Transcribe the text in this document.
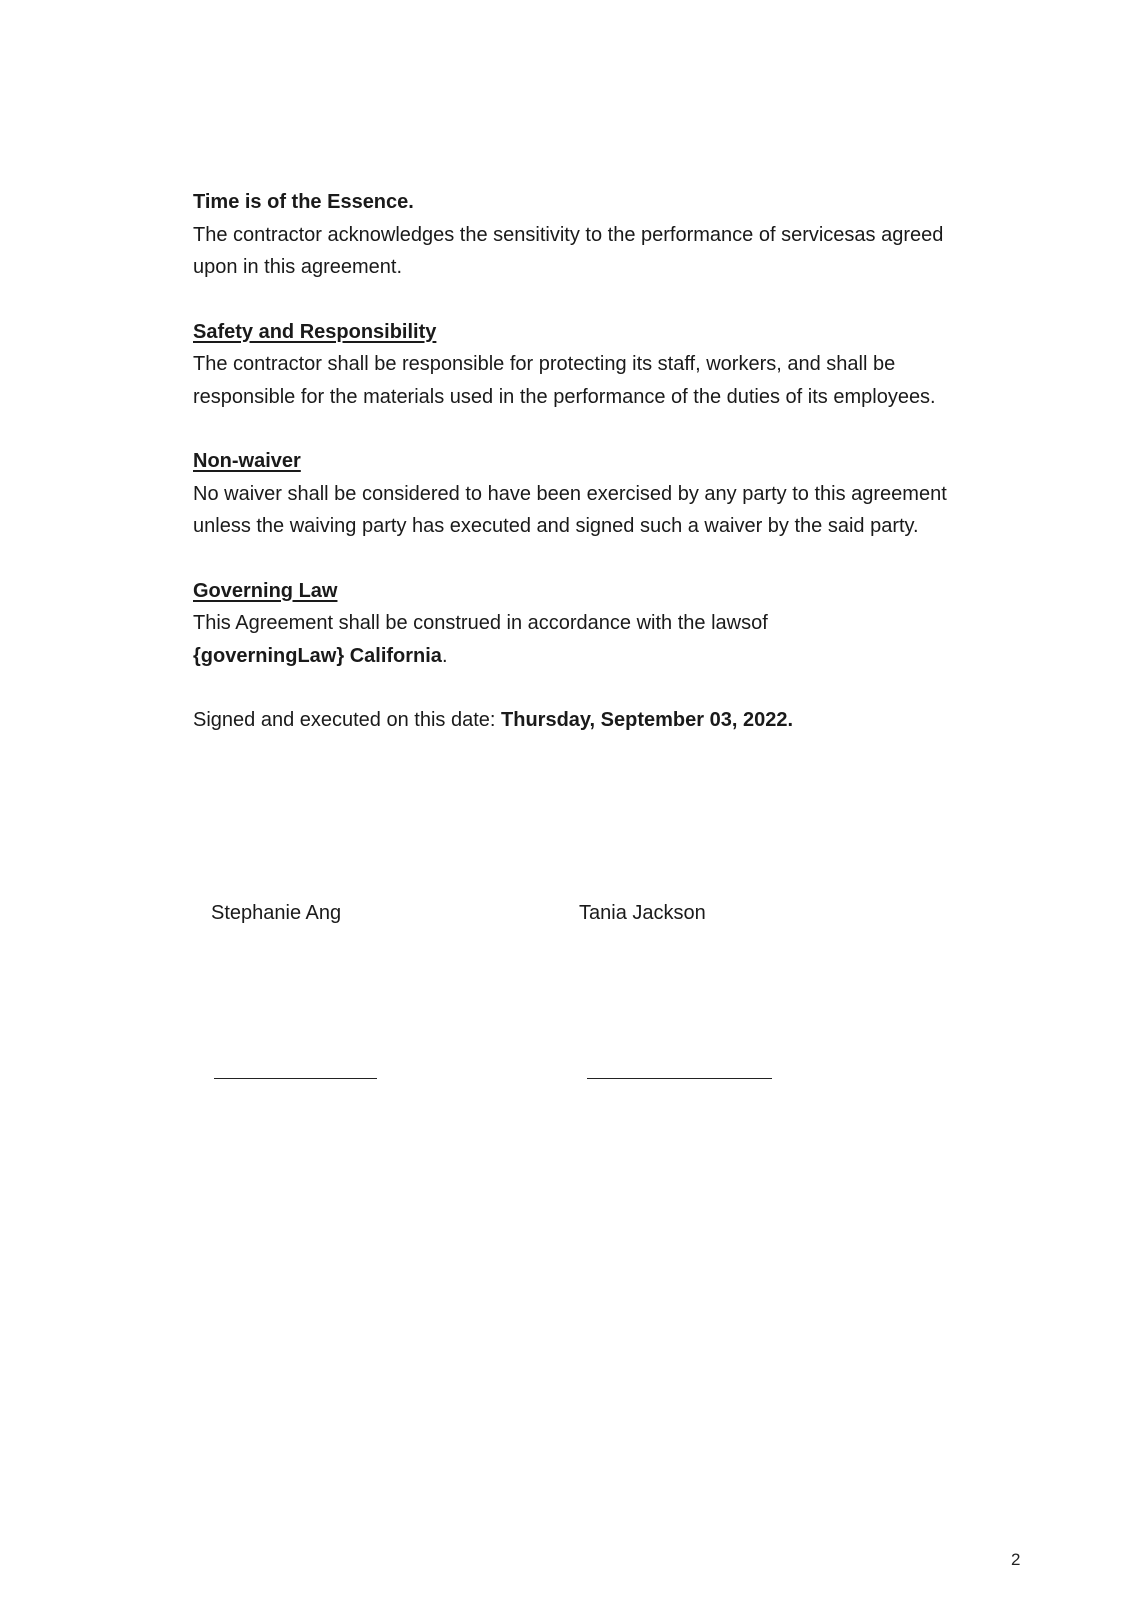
Time is of the Essence.

The contractor acknowledges the sensitivity to the performance of servicesas agreed upon in this agreement.

Safety and Responsibility

The contractor shall be responsible for protecting its staff, workers, and shall be responsible for the materials used in the performance of the duties of its employees.

Non-waiver

No waiver shall be considered to have been exercised by any party to this agreement unless the waiving party has executed and signed such a waiver by the said party.

Governing Law

This Agreement shall be construed in accordance with the lawsof
{governingLaw} California.

Signed and executed on this date: Thursday, September 03, 2022.

Stephanie Ang	Tania Jackson
2
